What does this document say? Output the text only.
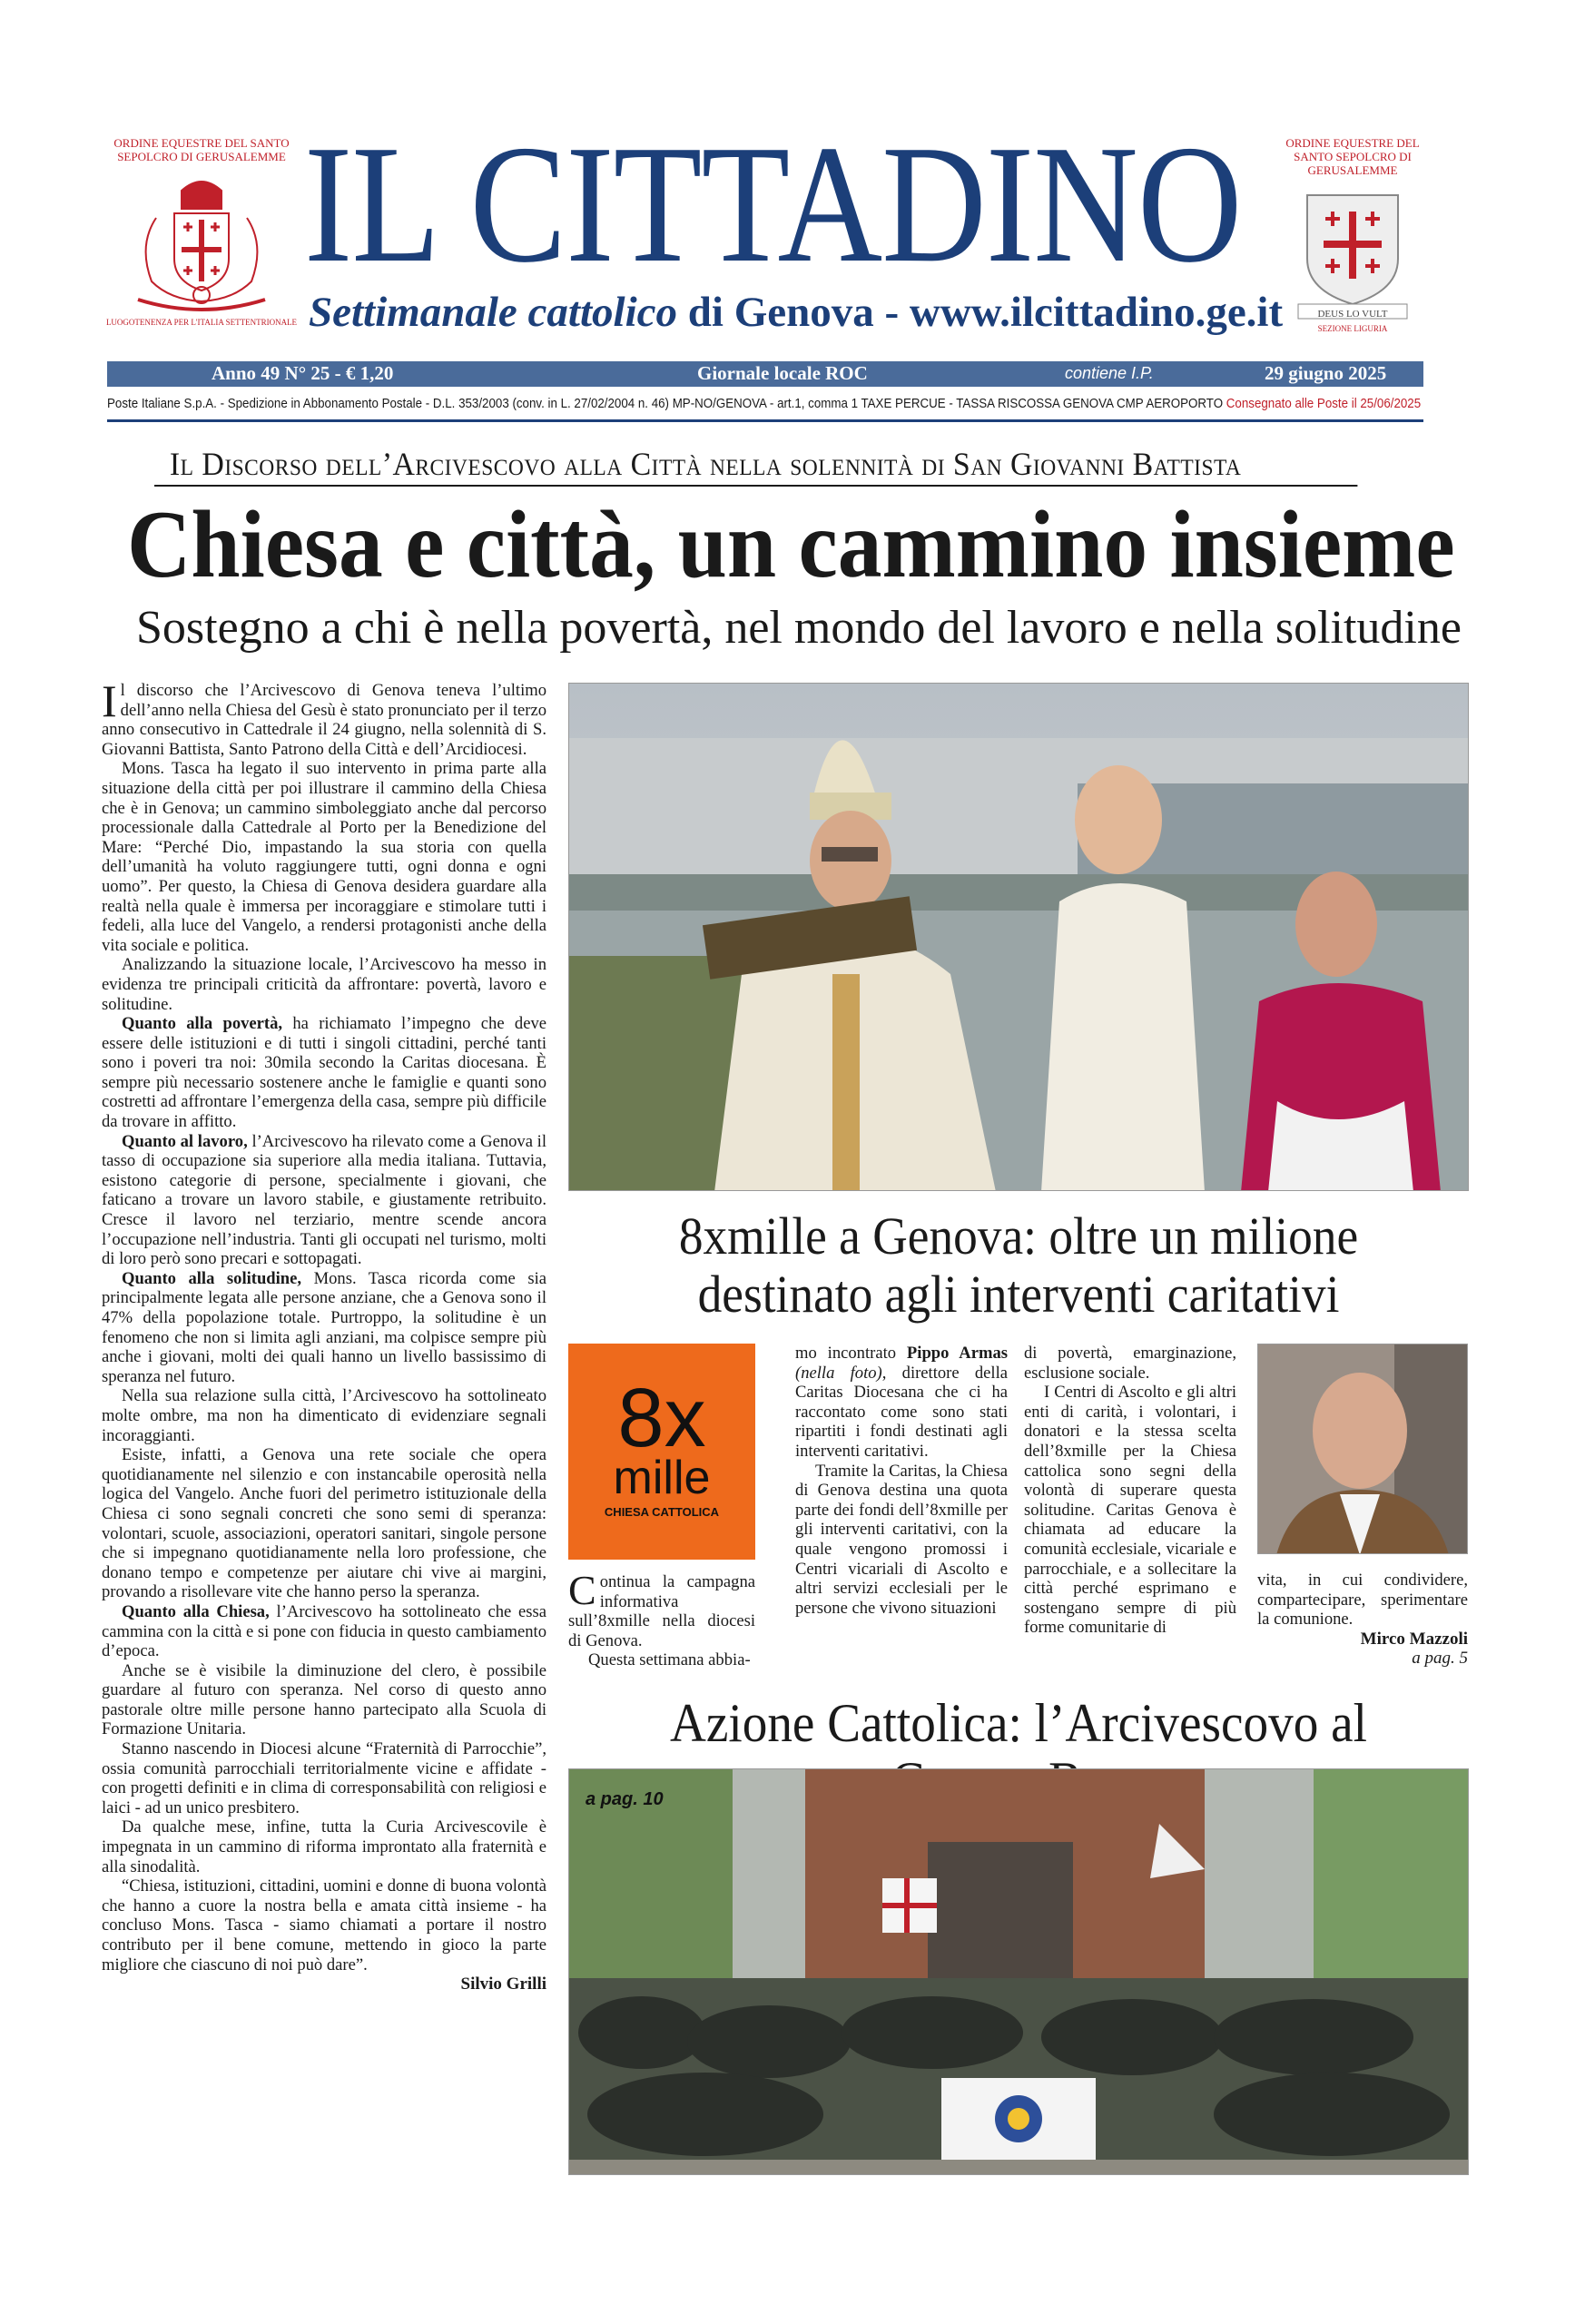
ORDINE EQUESTRE DEL SANTO SEPOLCRO DI GERUSALEMME
LUOGOTENENZA PER L'ITALIA SETTENTRIONALE
IL CITTADINO
Settimanale cattolico di Genova - www.ilcittadino.ge.it
ORDINE EQUESTRE DEL SANTO SEPOLCRO DI GERUSALEMME
DEUS LO VULT
SEZIONE LIGURIA
Anno 49 N° 25 - € 1,20	Giornale locale ROC	contiene I.P.	29 giugno 2025
Poste Italiane S.p.A. - Spedizione in Abbonamento Postale - D.L. 353/2003 (conv. in L. 27/02/2004 n. 46) MP-NO/GENOVA - art.1, comma 1 TAXE PERCUE - TASSA RISCOSSA GENOVA CMP AEROPORTO Consegnato alle Poste il 25/06/2025
Il Discorso dell’Arcivescovo alla Città nella solennità di San Giovanni Battista
Chiesa e città, un cammino insieme
Sostegno a chi è nella povertà, nel mondo del lavoro e nella solitudine

Il discorso che l’Arcivescovo di Genova teneva l’ultimo dell’anno nella Chiesa del Gesù è stato pronunciato per il terzo anno consecutivo in Cattedrale il 24 giugno, nella solennità di S. Giovanni Battista, Santo Patrono della Città e dell’Arcidiocesi.

Mons. Tasca ha legato il suo intervento in prima parte alla situazione della città per poi illustrare il cammino della Chiesa che è in Genova; un cammino simboleggiato anche dal percorso processionale dalla Cattedrale al Porto per la Benedizione del Mare: “Perché Dio, impastando la sua storia con quella dell’umanità ha voluto raggiungere tutti, ogni donna e ogni uomo”. Per questo, la Chiesa di Genova desidera guardare alla realtà nella quale è immersa per incoraggiare e stimolare tutti i fedeli, alla luce del Vangelo, a rendersi protagonisti anche della vita sociale e politica.

Analizzando la situazione locale, l’Arcivescovo ha messo in evidenza tre principali criticità da affrontare: povertà, lavoro e solitudine.

Quanto alla povertà, ha richiamato l’impegno che deve essere delle istituzioni e di tutti i singoli cittadini, perché tanti sono i poveri tra noi: 30mila secondo la Caritas diocesana. È sempre più necessario sostenere anche le famiglie e quanti sono costretti ad affrontare l’emergenza della casa, sempre più difficile da trovare in affitto.

Quanto al lavoro, l’Arcivescovo ha rilevato come a Genova il tasso di occupazione sia superiore alla media italiana. Tuttavia, esistono categorie di persone, specialmente i giovani, che faticano a trovare un lavoro stabile, e giustamente retribuito. Cresce il lavoro nel terziario, mentre scende ancora l’occupazione nell’industria. Tanti gli occupati nel turismo, molti di loro però sono precari e sottopagati.

Quanto alla solitudine, Mons. Tasca ricorda come sia principalmente legata alle persone anziane, che a Genova sono il 47% della popolazione totale. Purtroppo, la solitudine è un fenomeno che non si limita agli anziani, ma colpisce sempre più anche i giovani, molti dei quali hanno un livello bassissimo di speranza nel futuro.

Nella sua relazione sulla città, l’Arcivescovo ha sottolineato molte ombre, ma non ha dimenticato di evidenziare segnali incoraggianti.

Esiste, infatti, a Genova una rete sociale che opera quotidianamente nel silenzio e con instancabile operosità nella logica del Vangelo. Anche fuori del perimetro istituzionale della Chiesa ci sono segnali concreti che sono semi di speranza: volontari, scuole, associazioni, operatori sanitari, singole persone che si impegnano quotidianamente nella loro professione, che donano tempo e competenze per aiutare chi vive ai margini, provando a risollevare vite che hanno perso la speranza.

Quanto alla Chiesa, l’Arcivescovo ha sottolineato che essa cammina con la città e si pone con fiducia in questo cambiamento d’epoca.

Anche se è visibile la diminuzione del clero, è possibile guardare al futuro con speranza. Nel corso di questo anno pastorale oltre mille persone hanno partecipato alla Scuola di Formazione Unitaria.

Stanno nascendo in Diocesi alcune “Fraternità di Parrocchie”, ossia comunità parrocchiali territorialmente vicine e affidate - con progetti definiti e in clima di corresponsabilità con religiosi e laici - ad un unico presbitero.

Da qualche mese, infine, tutta la Curia Arcivescovile è impegnata in un cammino di riforma improntato alla fraternità e alla sinodalità.

“Chiesa, istituzioni, cittadini, uomini e donne di buona volontà che hanno a cuore la nostra bella e amata città insieme - ha concluso Mons. Tasca - siamo chiamati a portare il nostro contributo per il bene comune, mettendo in gioco la parte migliore che ciascuno di noi può dare”.

Silvio Grilli
8xmille a Genova: oltre un milione
destinato agli interventi caritativi
8x
mille
CHIESA CATTOLICA

Continua la campagna informativa sull’8xmille nella diocesi di Genova.

Questa settimana abbia-

mo incontrato Pippo Armas (nella foto), direttore della Caritas Diocesana che ci ha raccontato come sono stati ripartiti i fondi destinati agli interventi caritativi.

Tramite la Caritas, la Chiesa di Genova destina una quota parte dei fondi dell’8xmille per gli interventi caritativi, con la quale vengono promossi i Centri vicariali di Ascolto e altri servizi ecclesiali per le persone che vivono situazioni

di povertà, emarginazione, esclusione sociale.

I Centri di Ascolto e gli altri enti di carità, i volontari, i donatori e la stessa scelta dell’8xmille per la Chiesa cattolica sono segni della volontà di superare questa solitudine. Caritas Genova è chiamata ad educare la comunità ecclesiale, vicariale e parrocchiale, e a sollecitare la città perché esprimano e sostengano sempre di più forme comunitarie di

vita, in cui condividere, compartecipare, sperimentare la comunione.

Mirco Mazzoli
a pag. 5
Azione Cattolica: l’Arcivescovo al
a pag. 10
